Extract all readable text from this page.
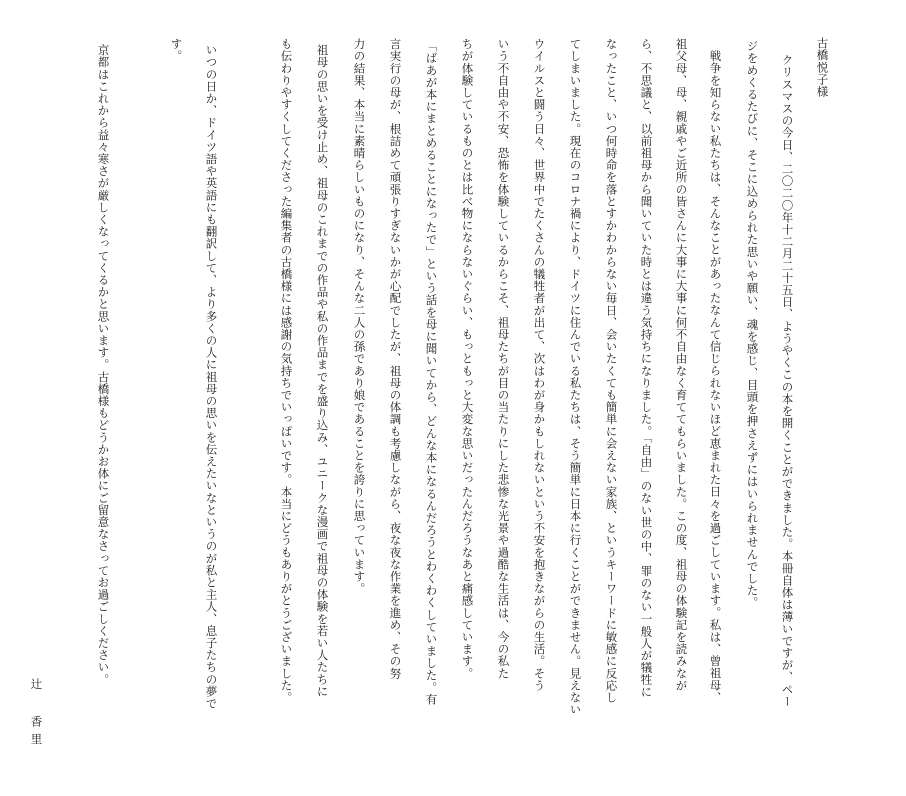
古橋悦子様
クリスマスの今日、二〇二〇年十二月二十五日、ようやくこの本を開くことができました。本冊自体は薄いですが、ペー
ジをめくるたびに、そこに込められた思いや願い、魂を感じ、目頭を押さえずにはいられませんでした。
戦争を知らない私たちは、そんなことがあったなんて信じられないほど恵まれた日々を過ごしています。私は、曾祖母、
祖父母、母、親戚やご近所の皆さんに大事に大事に何不自由なく育ててもらいました。この度、祖母の体験記を読みなが
ら、不思議と、以前祖母から聞いていた時とは違う気持ちになりました。「自由」のない世の中、罪のない一般人が犠牲に
なったこと、いつ何時命を落とすかわからない毎日、会いたくても簡単に会えない家族、というキーワードに敏感に反応し
てしまいました。現在のコロナ禍により、ドイツに住んでいる私たちは、そう簡単に日本に行くことができません。見えない
ウイルスと闘う日々、世界中でたくさんの犠牲者が出て、次はわが身かもしれないという不安を抱きながらの生活。そう
いう不自由や不安、恐怖を体験しているからこそ、祖母たちが目の当たりにした悲惨な光景や過酷な生活は、今の私た
ちが体験しているものとは比べ物にならないぐらい、もっともっと大変な思いだったんだろうなあと痛感しています。
「ばあが本にまとめることになったで」という話を母に聞いてから、どんな本になるんだろうとわくわくしていました。有
言実行の母が、根詰めて頑張りすぎないかが心配でしたが、祖母の体調も考慮しながら、夜な夜な作業を進め、その努
力の結果、本当に素晴らしいものになり、そんな二人の孫であり娘であることを誇りに思っています。
祖母の思いを受け止め、祖母のこれまでの作品や私の作品までを盛り込み、ユニークな漫画で祖母の体験を若い人たちに
も伝わりやすくしてくださった編集者の古橋様には感謝の気持ちでいっぱいです。本当にどうもありがとうございました。
いつの日か、ドイツ語や英語にも翻訳して、より多くの人に祖母の思いを伝えたいなというのが私と主人、息子たちの夢で
す。
京都はこれから益々寒さが厳しくなってくるかと思います。古橋様もどうかお体にご留意なさってお過ごしください。
辻 香里
